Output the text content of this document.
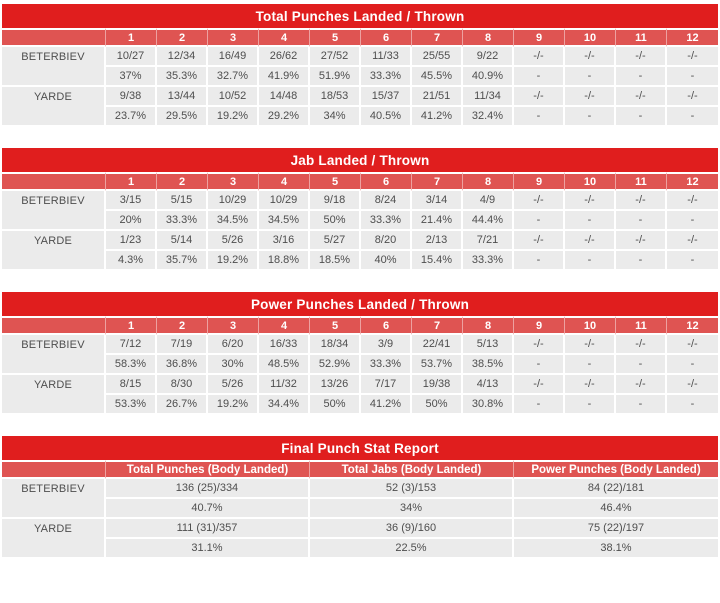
Total Punches Landed / Thrown												
	1	2	3	4	5	6	7	8	9	10	11	12
BETERBIEV	10/27	12/34	16/49	26/62	27/52	11/33	25/55	9/22	-/-	-/-	-/-	-/-
	37%	35.3%	32.7%	41.9%	51.9%	33.3%	45.5%	40.9%	-	-	-	-
YARDE	9/38	13/44	10/52	14/48	18/53	15/37	21/51	11/34	-/-	-/-	-/-	-/-
	23.7%	29.5%	19.2%	29.2%	34%	40.5%	41.2%	32.4%	-	-	-	-
Jab Landed / Thrown												
	1	2	3	4	5	6	7	8	9	10	11	12
BETERBIEV	3/15	5/15	10/29	10/29	9/18	8/24	3/14	4/9	-/-	-/-	-/-	-/-
	20%	33.3%	34.5%	34.5%	50%	33.3%	21.4%	44.4%	-	-	-	-
YARDE	1/23	5/14	5/26	3/16	5/27	8/20	2/13	7/21	-/-	-/-	-/-	-/-
	4.3%	35.7%	19.2%	18.8%	18.5%	40%	15.4%	33.3%	-	-	-	-
Power Punches Landed / Thrown												
	1	2	3	4	5	6	7	8	9	10	11	12
BETERBIEV	7/12	7/19	6/20	16/33	18/34	3/9	22/41	5/13	-/-	-/-	-/-	-/-
	58.3%	36.8%	30%	48.5%	52.9%	33.3%	53.7%	38.5%	-	-	-	-
YARDE	8/15	8/30	5/26	11/32	13/26	7/17	19/38	4/13	-/-	-/-	-/-	-/-
	53.3%	26.7%	19.2%	34.4%	50%	41.2%	50%	30.8%	-	-	-	-
Final Punch Stat Report			
	Total Punches (Body Landed)	Total Jabs (Body Landed)	Power Punches (Body Landed)
BETERBIEV	136 (25)/334	52 (3)/153	84 (22)/181
	40.7%	34%	46.4%
YARDE	111 (31)/357	36 (9)/160	75 (22)/197
	31.1%	22.5%	38.1%
